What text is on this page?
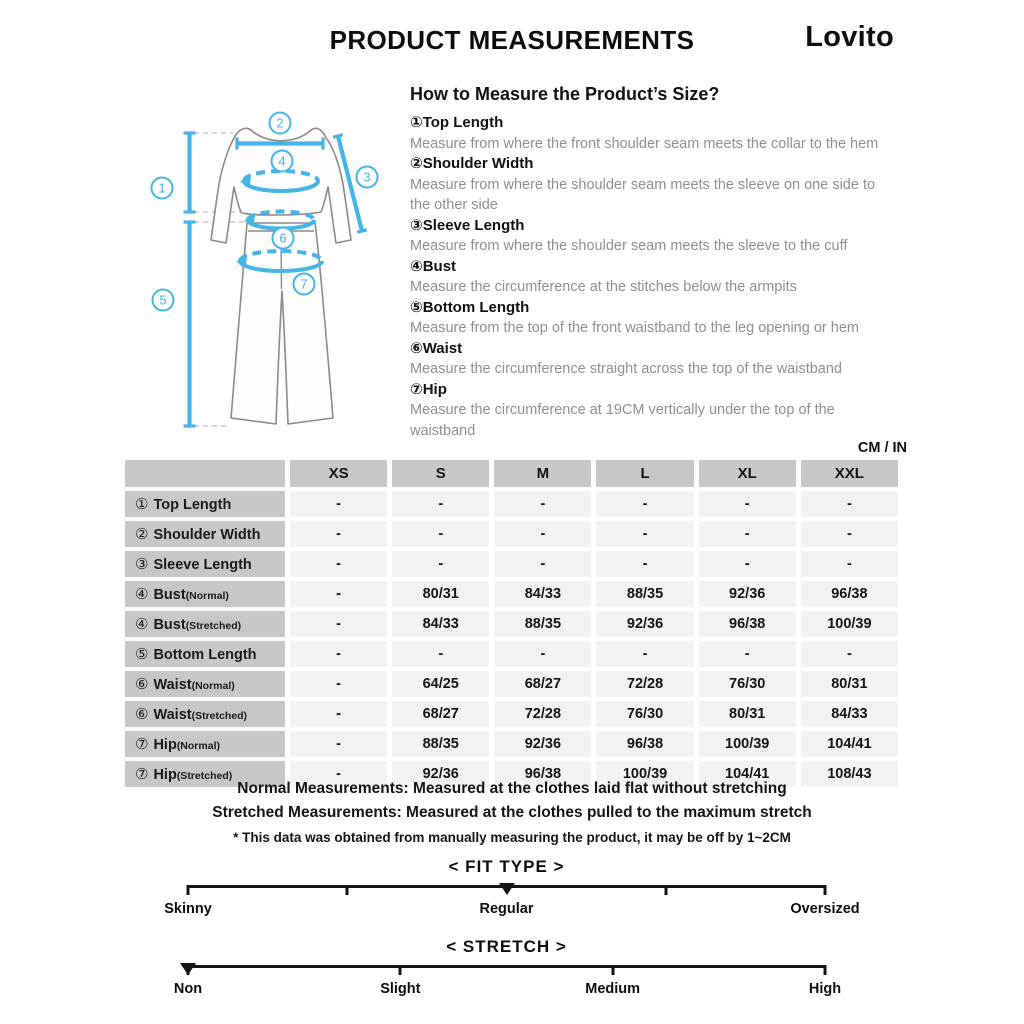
PRODUCT MEASUREMENTS	Lovito
1
2
3
4
5
6
7
How to Measure the Product’s Size?
①Top Length
Measure from where the front shoulder seam meets the collar to the hem
②Shoulder Width
Measure from where the shoulder seam meets the sleeve on one side to the other side
③Sleeve Length
Measure from where the shoulder seam meets the sleeve to the cuff
④Bust
Measure the circumference at the stitches below the armpits
⑤Bottom Length
Measure from the top of the front waistband to the leg opening or hem
⑥Waist
Measure the circumference straight across the top of the waistband
⑦Hip
Measure the circumference at 19CM vertically under the top of the waistband
CM / IN
	XS	S	M	L	XL	XXL
① Top Length	-	-	-	-	-	-
② Shoulder Width	-	-	-	-	-	-
③ Sleeve Length	-	-	-	-	-	-
④ Bust(Normal)	-	80/31	84/33	88/35	92/36	96/38
④ Bust(Stretched)	-	84/33	88/35	92/36	96/38	100/39
⑤ Bottom Length	-	-	-	-	-	-
⑥ Waist(Normal)	-	64/25	68/27	72/28	76/30	80/31
⑥ Waist(Stretched)	-	68/27	72/28	76/30	80/31	84/33
⑦ Hip(Normal)	-	88/35	92/36	96/38	100/39	104/41
⑦ Hip(Stretched)	-	92/36	96/38	100/39	104/41	108/43
Normal Measurements: Measured at the clothes laid flat without stretching
Stretched Measurements: Measured at the clothes pulled to the maximum stretch
* This data was obtained from manually measuring the product, it may be off by 1~2CM
< FIT TYPE >
Skinny	Regular	Oversized
< STRETCH >
Non	Slight	Medium	High
